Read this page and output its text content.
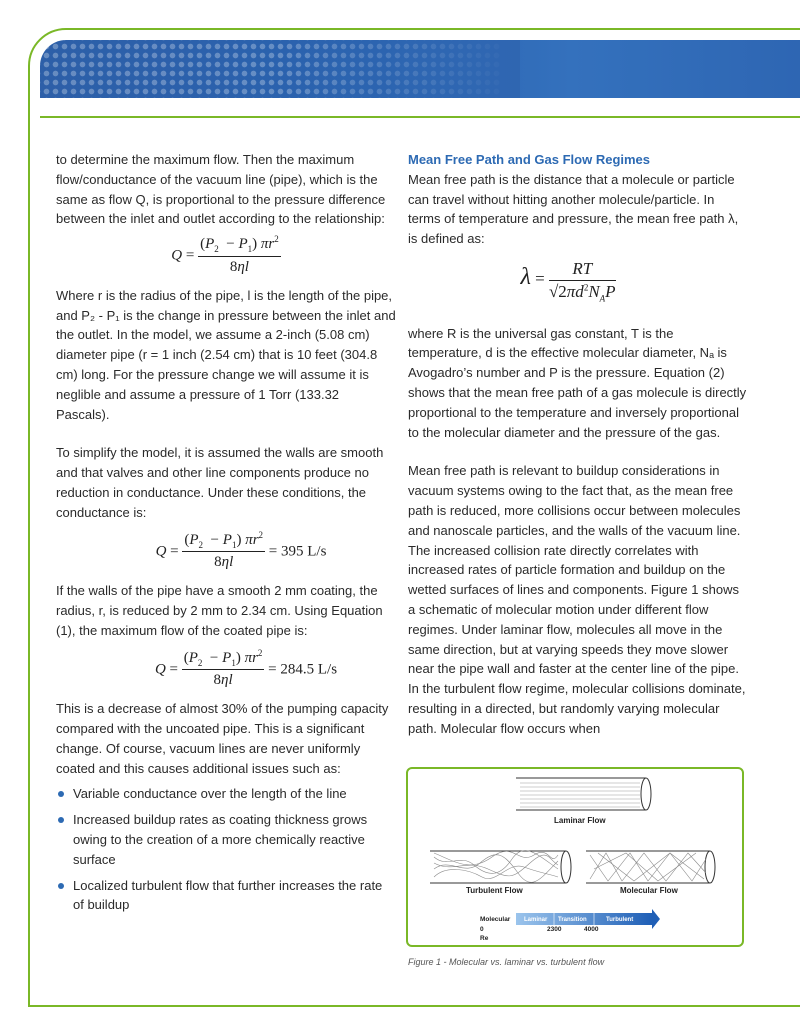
to determine the maximum flow. Then the maximum flow/conductance of the vacuum line (pipe), which is the same as flow Q, is proportional to the pressure difference between the inlet and outlet according to the relationship:

$Q = \frac{(P_2 - P_1) \pi r^2}{8\eta l}$

Where r is the radius of the pipe, l is the length of the pipe, and P₂ - P₁ is the change in pressure between the inlet and the outlet. In the model, we assume a 2-inch (5.08 cm) diameter pipe (r = 1 inch (2.54 cm) that is 10 feet (304.8 cm) long. For the pressure change we will assume it is neglible and assume a pressure of 1 Torr (133.32 Pascals).

To simplify the model, it is assumed the walls are smooth and that valves and other line components produce no reduction in conductance. Under these conditions, the conductance is:

$Q = \frac{(P_2 - P_1) \pi r^2}{8\eta l} = 395$ L/s

If the walls of the pipe have a smooth 2 mm coating, the radius, r, is reduced by 2 mm to 2.34 cm. Using Equation (1), the maximum flow of the coated pipe is:

$Q = \frac{(P_2 - P_1) \pi r^2}{8\eta l} = 284.5$ L/s

This is a decrease of almost 30% of the pumping capacity compared with the uncoated pipe. This is a significant change. Of course, vacuum lines are never uniformly coated and this causes additional issues such as:

Variable conductance over the length of the line
Increased buildup rates as coating thickness grows owing to the creation of a more chemically reactive surface
Localized turbulent flow that further increases the rate of buildup
Mean Free Path and Gas Flow Regimes

Mean free path is the distance that a molecule or particle can travel without hitting another molecule/particle. In terms of temperature and pressure, the mean free path λ, is defined as:

$\lambda = \frac{RT}{√2\pi d^2N_AP}$

where R is the universal gas constant, T is the temperature, d is the effective molecular diameter, Nₐ is Avogadro’s number and P is the pressure. Equation (2) shows that the mean free path of a gas molecule is directly proportional to the temperature and inversely proportional to the molecular diameter and the pressure of the gas.

Mean free path is relevant to buildup considerations in vacuum systems owing to the fact that, as the mean free path is reduced, more collisions occur between molecules and nanoscale particles, and the walls of the vacuum line. The increased collision rate directly correlates with increased rates of particle formation and buildup on the wetted surfaces of lines and components. Figure 1 shows a schematic of molecular motion under different flow regimes. Under laminar flow, molecules all move in the same direction, but at varying speeds they move slower near the pipe wall and faster at the center line of the pipe. In the turbulent flow regime, molecular collisions dominate, resulting in a directed, but randomly varying molecular path. Molecular flow occurs when

Laminar Flow
Turbulent Flow	Molecular Flow
Molecular Laminar Transition	Turbulent
0	2300	4000
Re
Figure 1 - Molecular vs. laminar vs. turbulent flow
